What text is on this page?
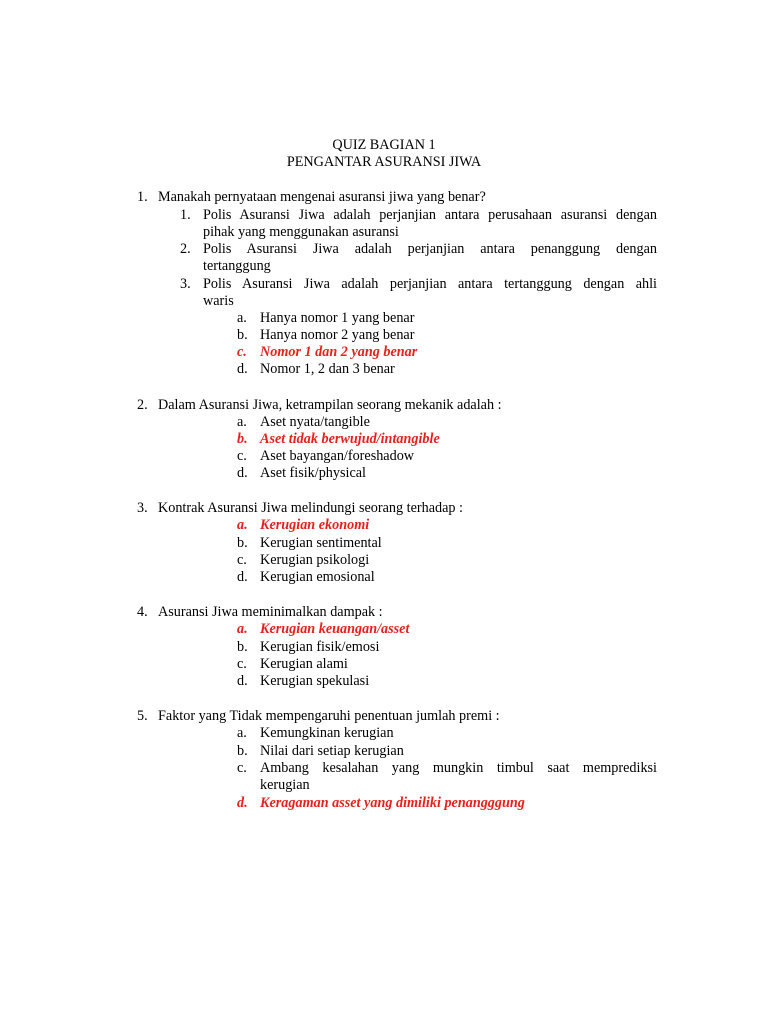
QUIZ BAGIAN 1
PENGANTAR ASURANSI JIWA
1. Manakah pernyataan mengenai asuransi jiwa yang benar?
1. Polis Asuransi Jiwa adalah perjanjian antara perusahaan asuransi dengan
pihak yang menggunakan asuransi
2. Polis Asuransi Jiwa adalah perjanjian antara penanggung dengan
tertanggung
3. Polis Asuransi Jiwa adalah perjanjian antara tertanggung dengan ahli
waris
a. Hanya nomor 1 yang benar
b. Hanya nomor 2 yang benar
c. Nomor 1 dan 2 yang benar
d. Nomor 1, 2 dan 3 benar
2. Dalam Asuransi Jiwa, ketrampilan seorang mekanik adalah :
a. Aset nyata/tangible
b. Aset tidak berwujud/intangible
c. Aset bayangan/foreshadow
d. Aset fisik/physical
3. Kontrak Asuransi Jiwa melindungi seorang terhadap :
a. Kerugian ekonomi
b. Kerugian sentimental
c. Kerugian psikologi
d. Kerugian emosional
4. Asuransi Jiwa meminimalkan dampak :
a. Kerugian keuangan/asset
b. Kerugian fisik/emosi
c. Kerugian alami
d. Kerugian spekulasi
5. Faktor yang Tidak mempengaruhi penentuan jumlah premi :
a. Kemungkinan kerugian
b. Nilai dari setiap kerugian
c. Ambang kesalahan yang mungkin timbul saat memprediksi
kerugian
d. Keragaman asset yang dimiliki penangggung
